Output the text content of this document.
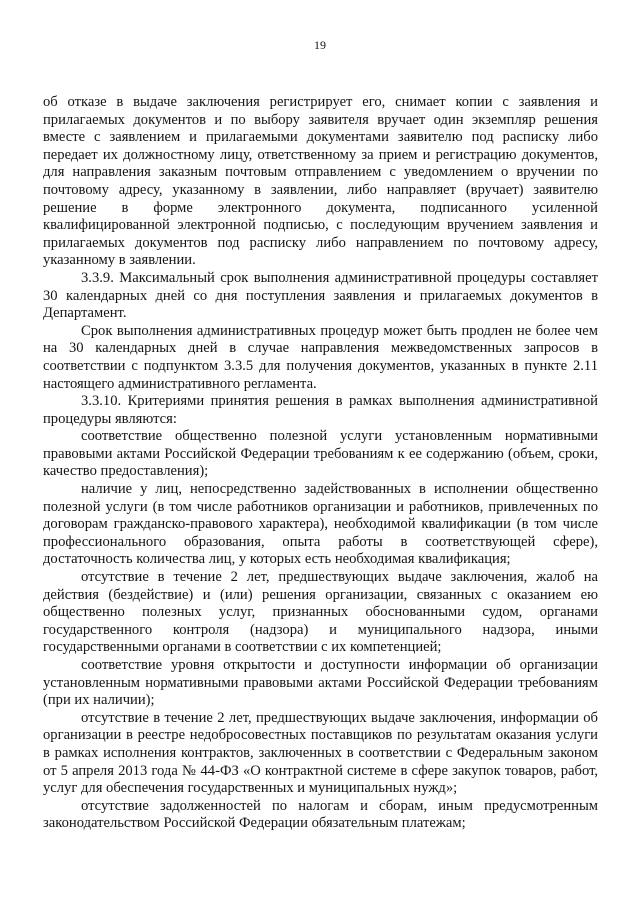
19

об отказе в выдаче заключения регистрирует его, снимает копии с заявления и прилагаемых документов и по выбору заявителя вручает один экземпляр решения вместе с заявлением и прилагаемыми документами заявителю под расписку либо передает их должностному лицу, ответственному за прием и регистрацию документов, для направления заказным почтовым отправлением с уведомлением о вручении по почтовому адресу, указанному в заявлении, либо направляет (вручает) заявителю решение в форме электронного документа, подписанного усиленной квалифицированной электронной подписью, с последующим вручением заявления и прилагаемых документов под расписку либо направлением по почтовому адресу, указанному в заявлении.

3.3.9. Максимальный срок выполнения административной процедуры составляет 30 календарных дней со дня поступления заявления и прилагаемых документов в Департамент.

Срок выполнения административных процедур может быть продлен не более чем на 30 календарных дней в случае направления межведомственных запросов в соответствии с подпунктом 3.3.5 для получения документов, указанных в пункте 2.11 настоящего административного регламента.

3.3.10. Критериями принятия решения в рамках выполнения административной процедуры являются:

соответствие общественно полезной услуги установленным нормативными правовыми актами Российской Федерации требованиям к ее содержанию (объем, сроки, качество предоставления);

наличие у лиц, непосредственно задействованных в исполнении общественно полезной услуги (в том числе работников организации и работников, привлеченных по договорам гражданско-правового характера), необходимой квалификации (в том числе профессионального образования, опыта работы в соответствующей сфере), достаточность количества лиц, у которых есть необходимая квалификация;

отсутствие в течение 2 лет, предшествующих выдаче заключения, жалоб на действия (бездействие) и (или) решения организации, связанных с оказанием ею общественно полезных услуг, признанных обоснованными судом, органами государственного контроля (надзора) и муниципального надзора, иными государственными органами в соответствии с их компетенцией;

соответствие уровня открытости и доступности информации об организации установленным нормативными правовыми актами Российской Федерации требованиям (при их наличии);

отсутствие в течение 2 лет, предшествующих выдаче заключения, информации об организации в реестре недобросовестных поставщиков по результатам оказания услуги в рамках исполнения контрактов, заключенных в соответствии с Федеральным законом от 5 апреля 2013 года № 44-ФЗ «О контрактной системе в сфере закупок товаров, работ, услуг для обеспечения государственных и муниципальных нужд»;

отсутствие задолженностей по налогам и сборам, иным предусмотренным законодательством Российской Федерации обязательным платежам;
